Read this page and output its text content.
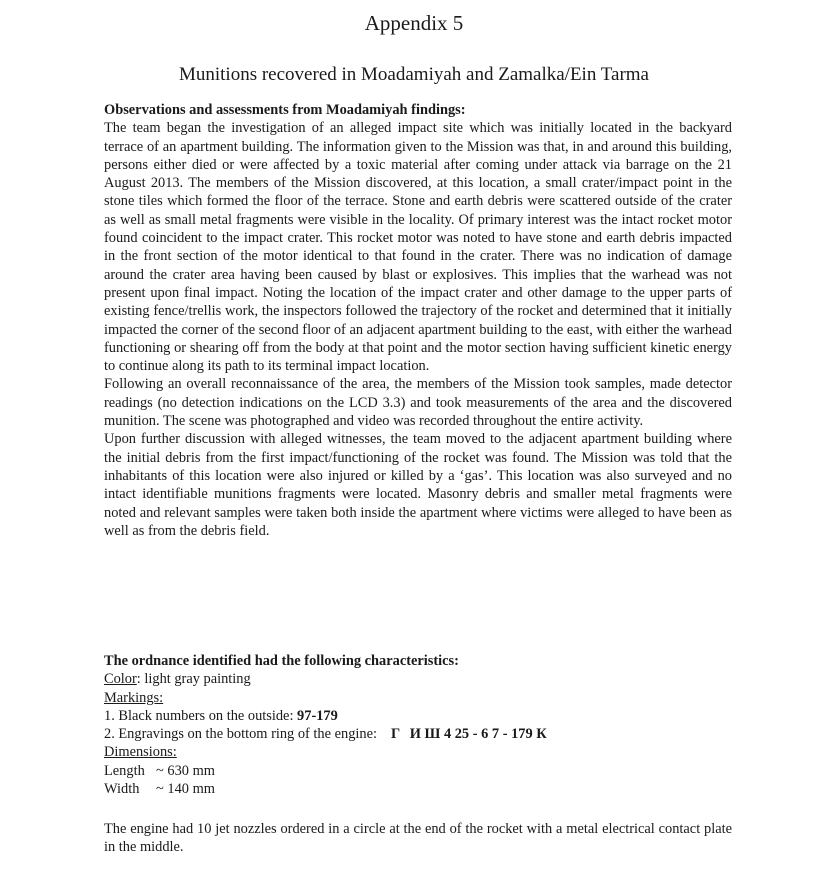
Appendix 5
Munitions recovered in Moadamiyah and Zamalka/Ein Tarma

Observations and assessments from Moadamiyah findings:

The team began the investigation of an alleged impact site which was initially located in the backyard terrace of an apartment building. The information given to the Mission was that, in and around this building, persons either died or were affected by a toxic material after coming under attack via barrage on the 21 August 2013. The members of the Mission discovered, at this location, a small crater/impact point in the stone tiles which formed the floor of the terrace. Stone and earth debris were scattered outside of the crater as well as small metal fragments were visible in the locality. Of primary interest was the intact rocket motor found coincident to the impact crater. This rocket motor was noted to have stone and earth debris impacted in the front section of the motor identical to that found in the crater. There was no indication of damage around the crater area having been caused by blast or explosives. This implies that the warhead was not present upon final impact. Noting the location of the impact crater and other damage to the upper parts of existing fence/trellis work, the inspectors followed the trajectory of the rocket and determined that it initially impacted the corner of the second floor of an adjacent apartment building to the east, with either the warhead functioning or shearing off from the body at that point and the motor section having sufficient kinetic energy to continue along its path to its terminal impact location.

Following an overall reconnaissance of the area, the members of the Mission took samples, made detector readings (no detection indications on the LCD 3.3) and took measurements of the area and the discovered munition. The scene was photographed and video was recorded throughout the entire activity.

Upon further discussion with alleged witnesses, the team moved to the adjacent apartment building where the initial debris from the first impact/functioning of the rocket was found. The Mission was told that the inhabitants of this location were also injured or killed by a ‘gas’. This location was also surveyed and no intact identifiable munitions fragments were located. Masonry debris and smaller metal fragments were noted and relevant samples were taken both inside the apartment where victims were alleged to have been as well as from the debris field.

The ordnance identified had the following characteristics:
Color: light gray painting
Markings:
1. Black numbers on the outside: 97-179
2. Engravings on the bottom ring of the engine: Г И Ш 4 25 - 6 7 - 179 К
Dimensions:
Length ~ 630 mm
Width ~ 140 mm

The engine had 10 jet nozzles ordered in a circle at the end of the rocket with a metal electrical contact plate in the middle.
